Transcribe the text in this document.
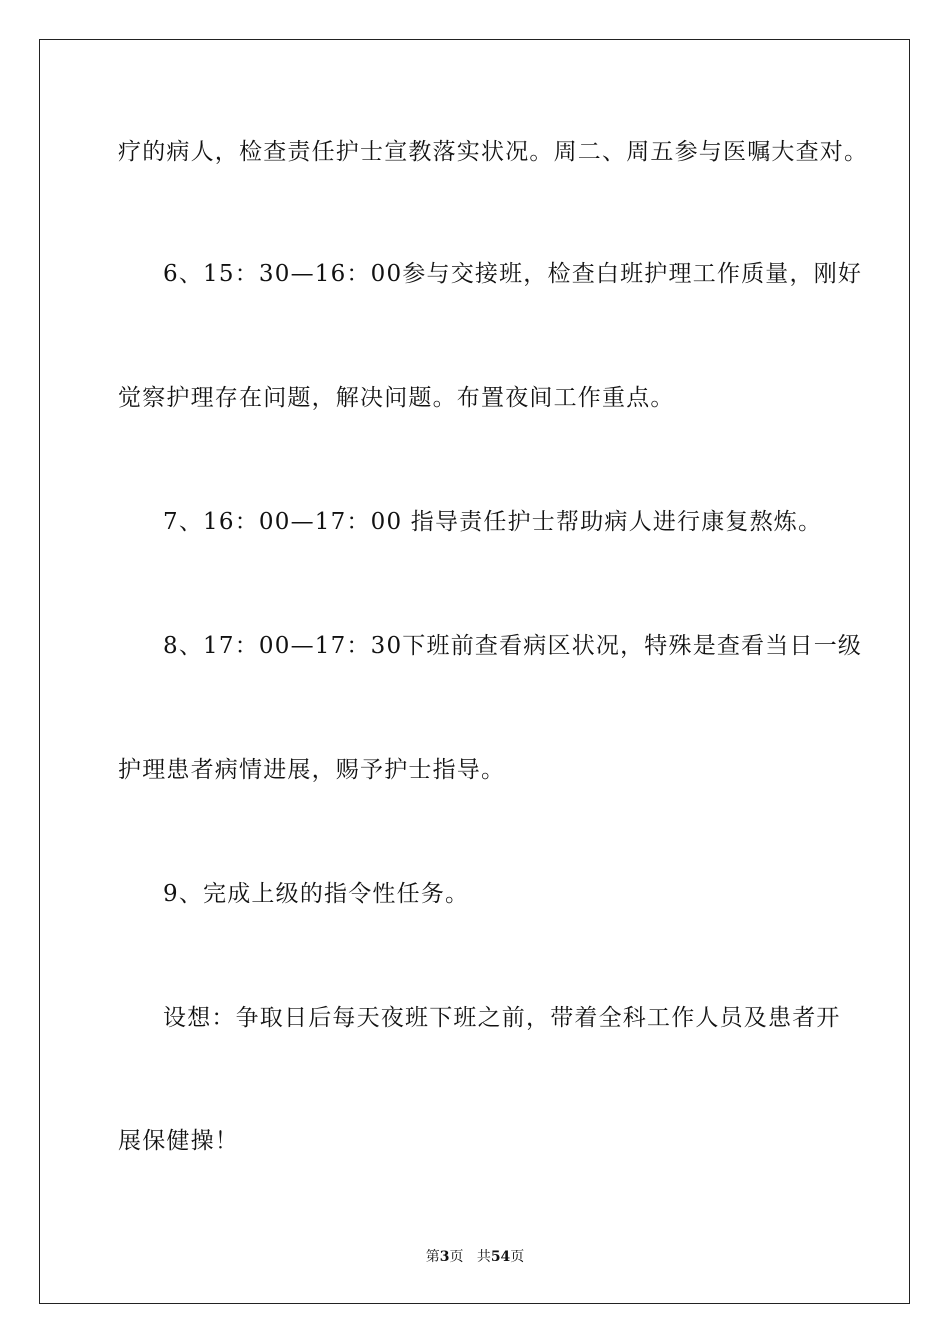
疗的病人，检查责任护士宣教落实状况。周二、周五参与医嘱大查对。
6、15：30—16：00参与交接班，检查白班护理工作质量，刚好
觉察护理存在问题，解决问题。布置夜间工作重点。
7、16：00—17：00 指导责任护士帮助病人进行康复熬炼。
8、17：00—17：30下班前查看病区状况，特殊是查看当日一级
护理患者病情进展，赐予护士指导。
9、完成上级的指令性任务。
设想：争取日后每天夜班下班之前，带着全科工作人员及患者开
展保健操！
第3页 共54页
